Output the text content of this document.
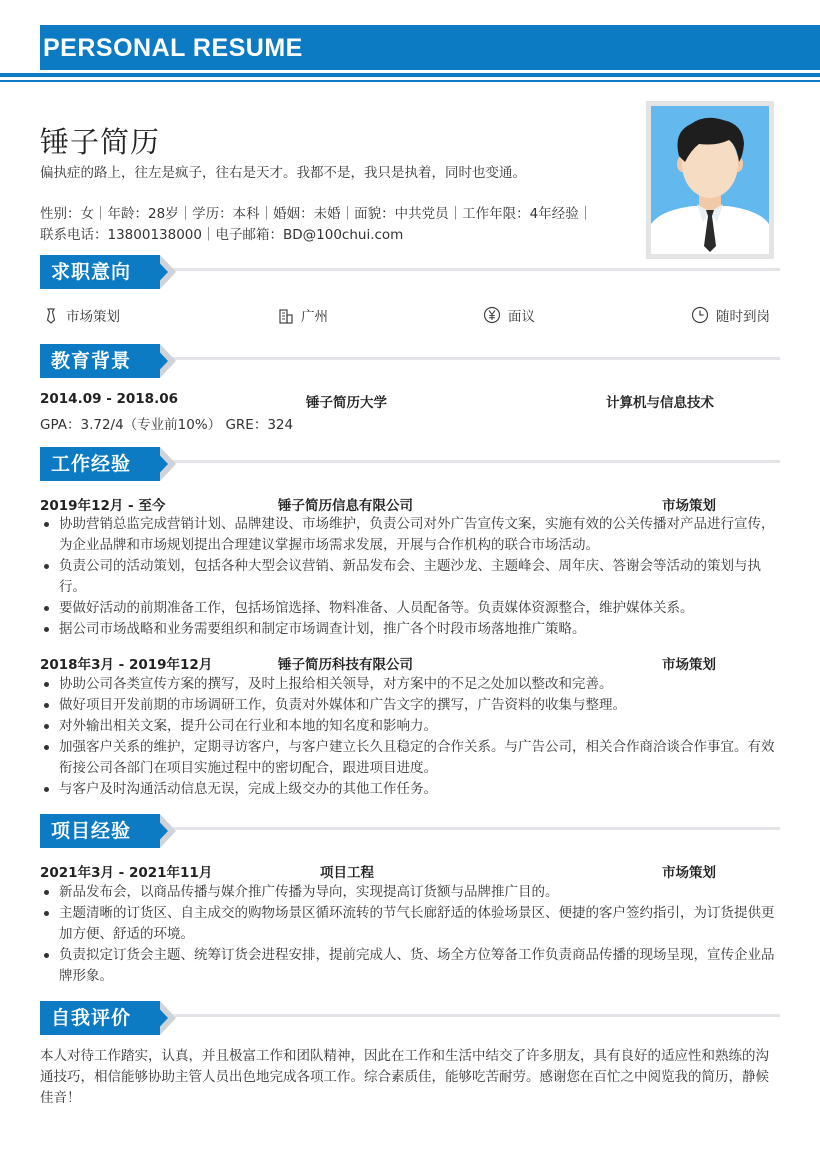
PERSONAL RESUME
锤子简历
偏执症的路上，往左是疯子，往右是天才。我都不是，我只是执着，同时也变通。
性别：女｜年龄：28岁｜学历：本科｜婚姻：未婚｜面貌：中共党员｜工作年限：4年经验｜
联系电话：13800138000｜电子邮箱：BD@100chui.com
求职意向
市场策划	广州	面议	随时到岗
教育背景
2014.09 - 2018.06	锤子简历大学	计算机与信息技术
GPA：3.72/4（专业前10%） GRE：324
工作经验
2019年12月 - 至今	锤子简历信息有限公司	市场策划
协助营销总监完成营销计划、品牌建设、市场维护，负责公司对外广告宣传文案，实施有效的公关传播对产品进行宣传，为企业品牌和市场规划提出合理建议掌握市场需求发展，开展与合作机构的联合市场活动。
负责公司的活动策划，包括各种大型会议营销、新品发布会、主题沙龙、主题峰会、周年庆、答谢会等活动的策划与执行。
要做好活动的前期准备工作，包括场馆选择、物料准备、人员配备等。负责媒体资源整合，维护媒体关系。
据公司市场战略和业务需要组织和制定市场调查计划，推广各个时段市场落地推广策略。
2018年3月 - 2019年12月	锤子简历科技有限公司	市场策划
协助公司各类宣传方案的撰写，及时上报给相关领导，对方案中的不足之处加以整改和完善。
做好项目开发前期的市场调研工作，负责对外媒体和广告文字的撰写，广告资料的收集与整理。
对外输出相关文案，提升公司在行业和本地的知名度和影响力。
加强客户关系的维护，定期寻访客户，与客户建立长久且稳定的合作关系。与广告公司，相关合作商洽谈合作事宜。有效衔接公司各部门在项目实施过程中的密切配合，跟进项目进度。
与客户及时沟通活动信息无误，完成上级交办的其他工作任务。
项目经验
2021年3月 - 2021年11月	项目工程	市场策划
新品发布会，以商品传播与媒介推广传播为导向，实现提高订货额与品牌推广目的。
主题清晰的订货区、自主成交的购物场景区循环流转的节气长廊舒适的体验场景区、便捷的客户签约指引，为订货提供更加方便、舒适的环境。
负责拟定订货会主题、统筹订货会进程安排，提前完成人、货、场全方位筹备工作负责商品传播的现场呈现，宣传企业品牌形象。
自我评价
本人对待工作踏实，认真，并且极富工作和团队精神，因此在工作和生活中结交了许多朋友，具有良好的适应性和熟练的沟通技巧，相信能够协助主管人员出色地完成各项工作。综合素质佳，能够吃苦耐劳。感谢您在百忙之中阅览我的简历，静候佳音！
